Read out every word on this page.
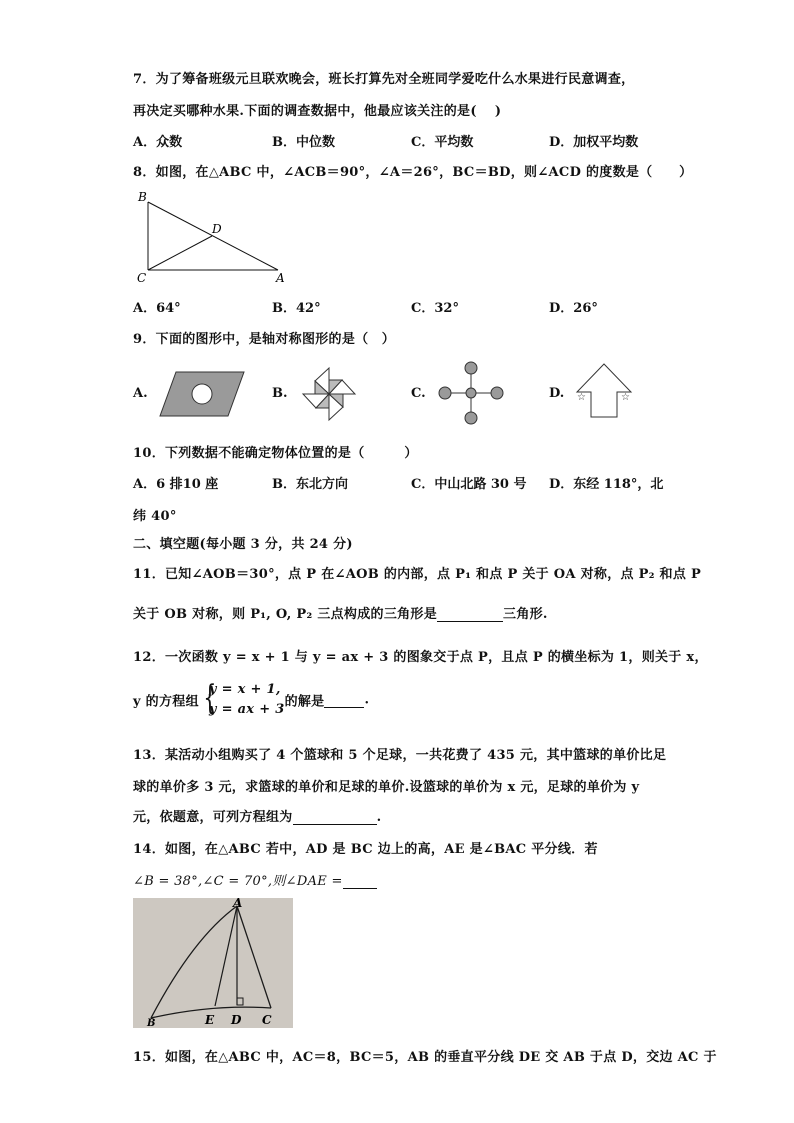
7．为了筹备班级元旦联欢晚会，班长打算先对全班同学爱吃什么水果进行民意调查，
再决定买哪种水果.下面的调查数据中，他最应该关注的是(　 )
A．众数	B．中位数	C．平均数	D．加权平均数
8．如图，在△ABC 中，∠ACB＝90°，∠A＝26°，BC＝BD，则∠ACD 的度数是（　　）
B
D
C	A
A．64°	B．42°	C．32°	D．26°
9．下面的图形中，是轴对称图形的是（　）
A.	B.	C.	D. ☆	☆
10．下列数据不能确定物体位置的是（　　　）
A．6 排10 座	B．东北方向	C．中山北路 30 号 D．东经 118°，北
纬 40°
二、填空题(每小题 3 分，共 24 分)
11．已知∠AOB＝30°，点 P 在∠AOB 的内部，点 P₁ 和点 P 关于 OA 对称，点 P₂ 和点 P
关于 OB 对称，则 P₁, O, P₂ 三点构成的三角形是	三角形.
12．一次函数 y = x + 1 与 y = ax + 3 的图象交于点 P，且点 P 的横坐标为 1，则关于 x，
y 的方程组 {
y = x + 1,
y = ax + 3 的解是	.
13．某活动小组购买了 4 个篮球和 5 个足球，一共花费了 435 元，其中篮球的单价比足
球的单价多 3 元，求篮球的单价和足球的单价.设篮球的单价为 x 元，足球的单价为 y
元，依题意，可列方程组为	.
14．如图，在△ABC 若中，AD 是 BC 边上的高，AE 是∠BAC 平分线．若
∠B = 38°,∠C = 70°,则∠DAE =
A
B	E D C
15．如图，在△ABC 中，AC＝8，BC＝5，AB 的垂直平分线 DE 交 AB 于点 D，交边 AC 于
